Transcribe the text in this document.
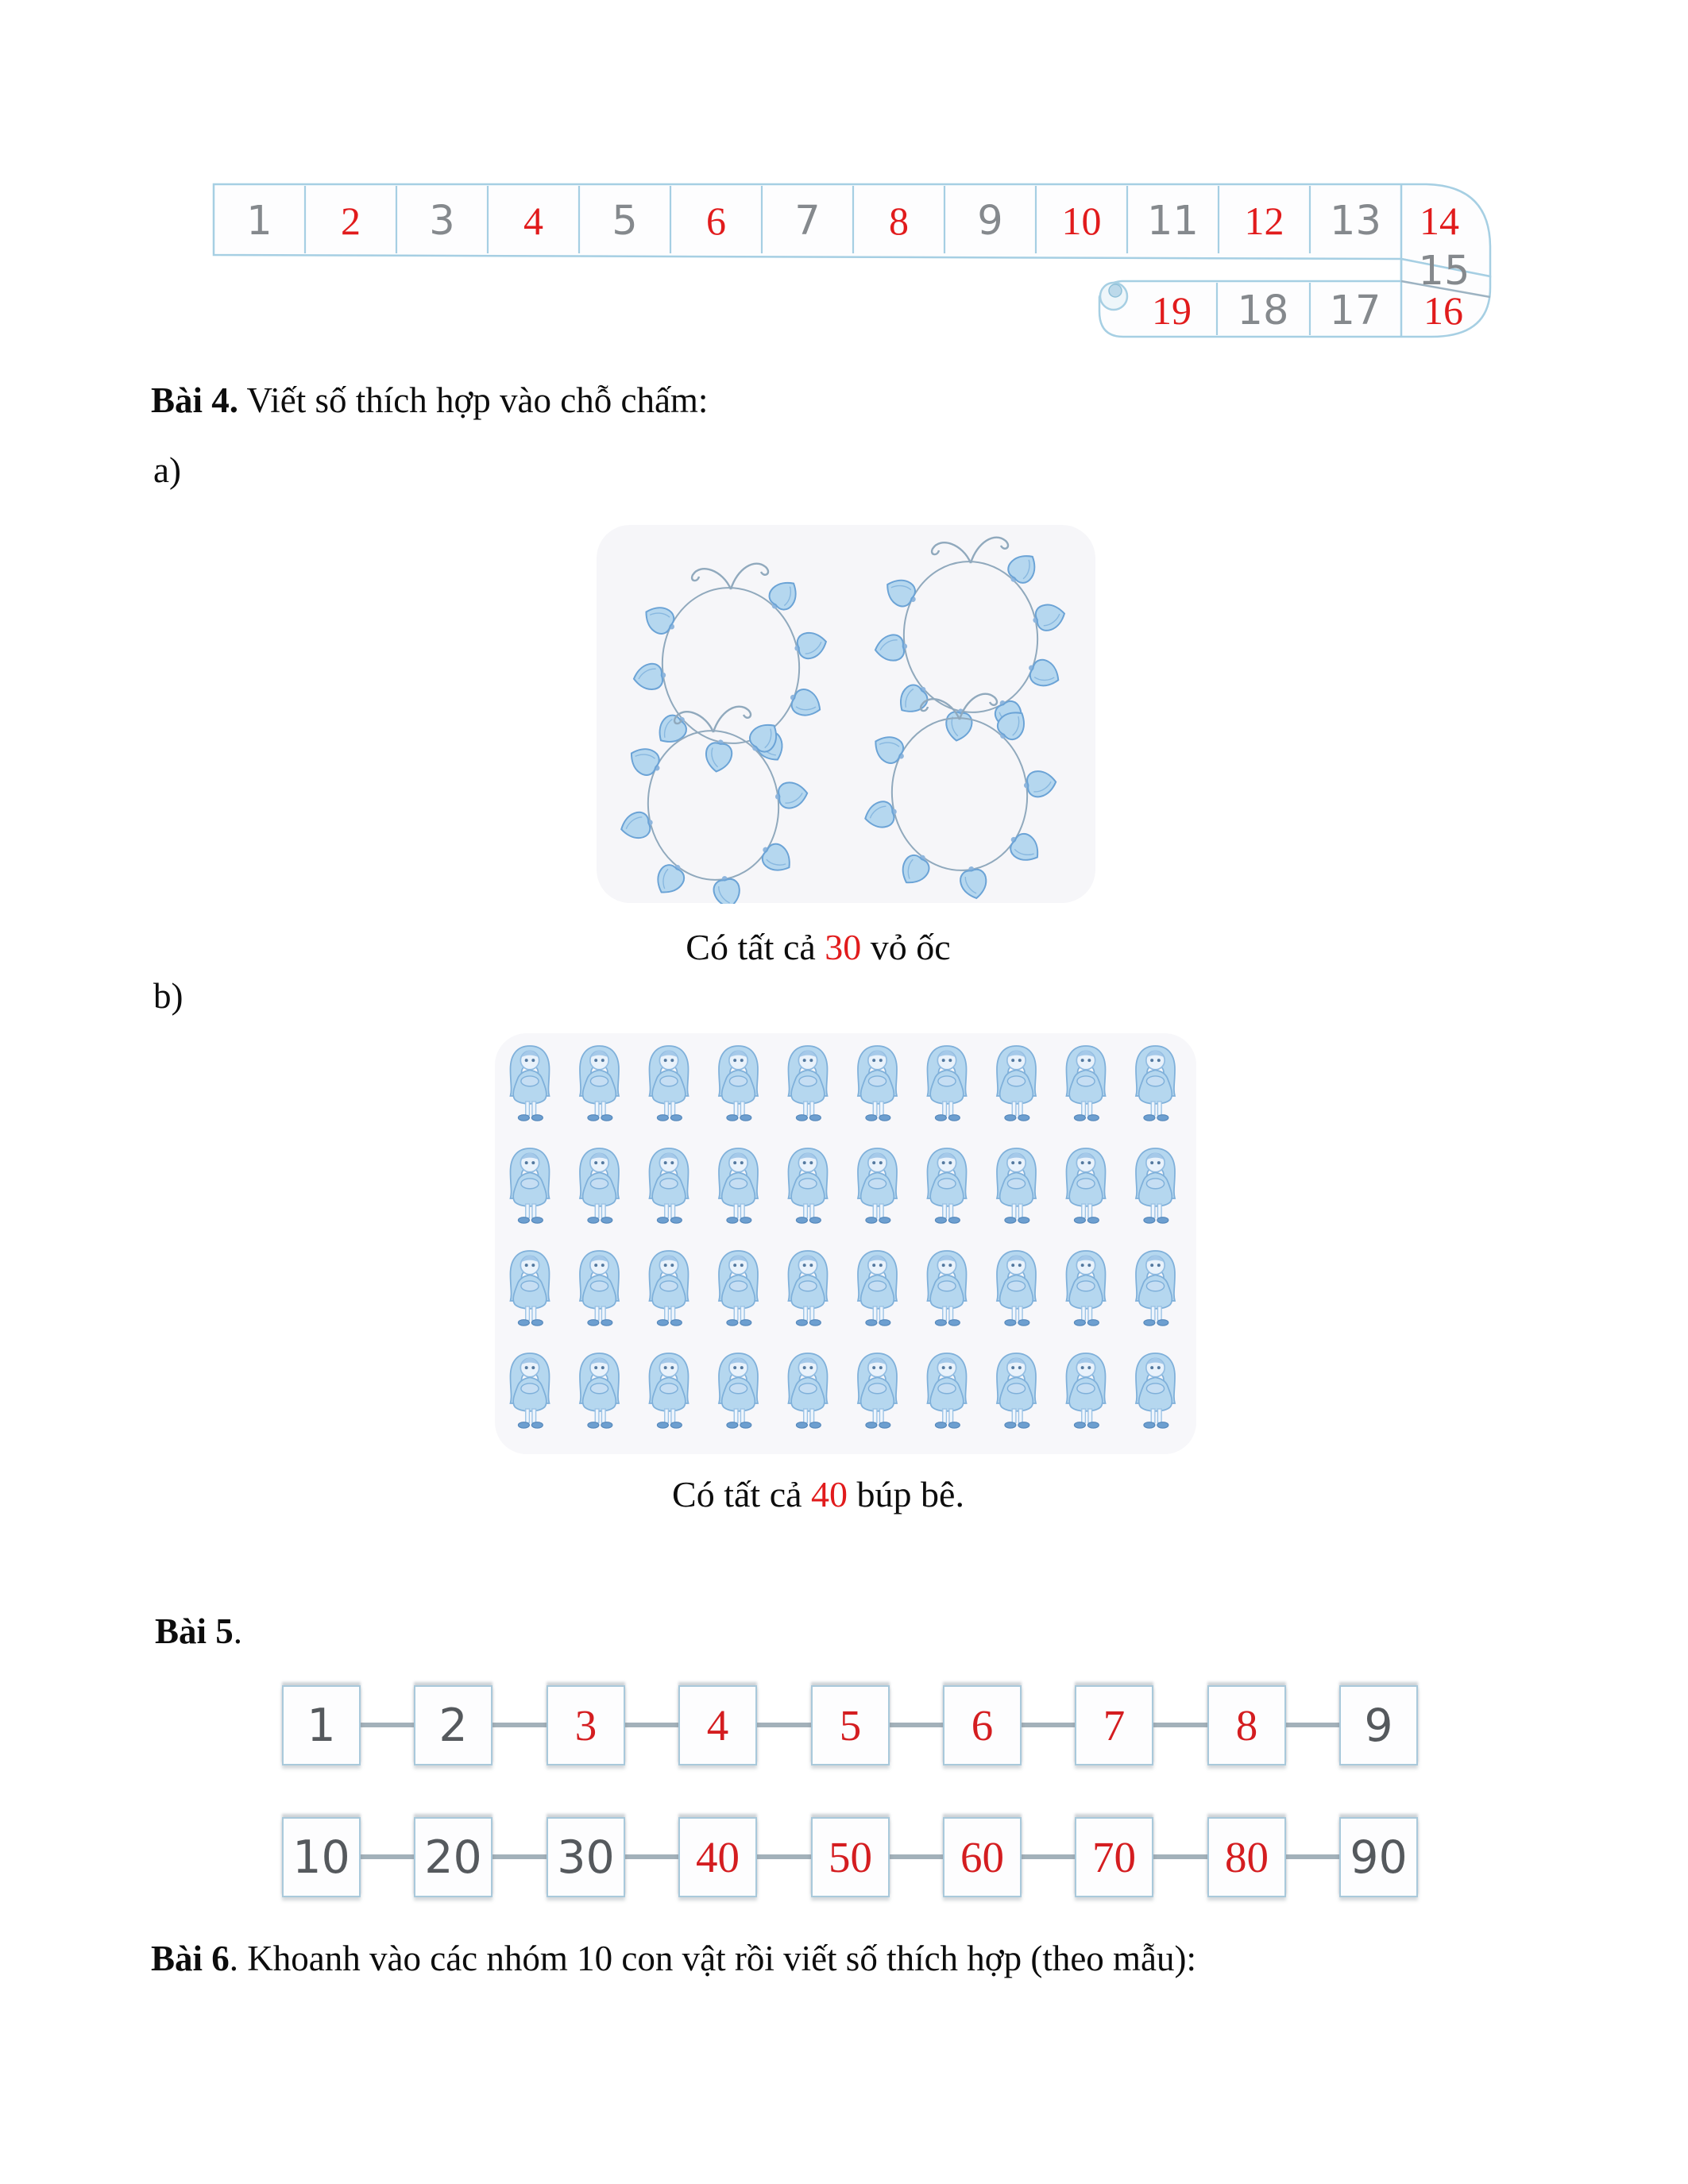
1 2 3 4 5 6 7 8 9 10 11 12 13 14
15
19 18 17 16
Bài 4. Viết số thích hợp vào chỗ chấm:
a)
Có tất cả 30 vỏ ốc
b)
Có tất cả 40 búp bê.
Bài 5.
1 2 3	4	5	6	7	8 9
10 20 30 40 50 60 70 80 90
Bài 6. Khoanh vào các nhóm 10 con vật rồi viết số thích hợp (theo mẫu):
